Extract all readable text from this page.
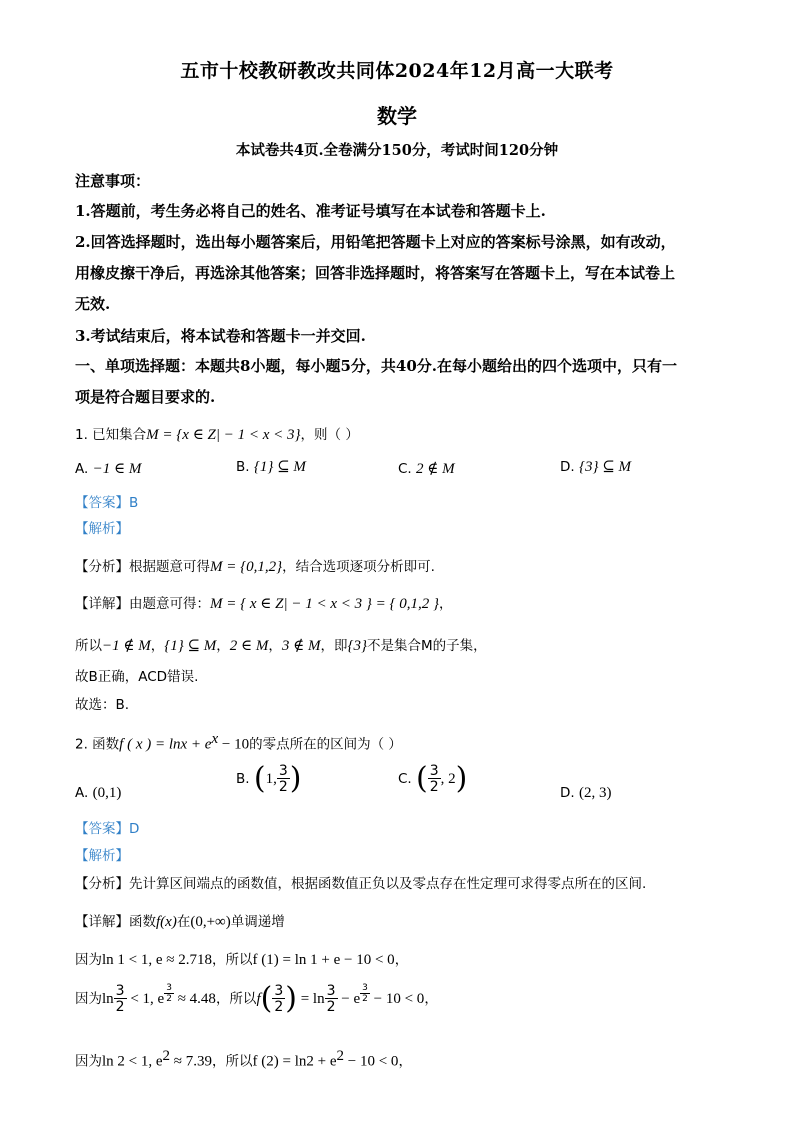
五市十校教研教改共同体2024年12月高一大联考
数学
本试卷共4页.全卷满分150分，考试时间120分钟
注意事项：
1.答题前，考生务必将自己的姓名、准考证号填写在本试卷和答题卡上.
2.回答选择题时，选出每小题答案后，用铅笔把答题卡上对应的答案标号涂黑，如有改动，
用橡皮擦干净后，再选涂其他答案；回答非选择题时，将答案写在答题卡上，写在本试卷上
无效.
3.考试结束后，将本试卷和答题卡一并交回.
一、单项选择题：本题共8小题，每小题5分，共40分.在每小题给出的四个选项中，只有一
项是符合题目要求的.
1. 已知集合M = {x ∈ Z| − 1 < x < 3}，则（ ）
A. −1 ∈ M	B. {1} ⊆ M	C. 2 ∉ M	D. {3} ⊆ M
【答案】B
【解析】
【分析】根据题意可得M = {0,1,2}，结合选项逐项分析即可.
【详解】由题意可得：M = { x ∈ Z| − 1 < x < 3 } = { 0,1,2 }，
所以−1 ∉ M，{1} ⊆ M，2 ∈ M，3 ∉ M，即{3}不是集合M的子集，
故B正确，ACD错误.
故选：B.
2. 函数f ( x ) = $\ln x + e^x - 10$的零点所在的区间为（ ）
A. (0,1)
B. (1, $\frac{3}{2}$ )	C. ( $\frac{3}{2}$ , 2)	D. (2, 3)
【答案】D
【解析】
【分析】先计算区间端点的函数值，根据函数值正负以及零点存在性定理可求得零点所在的区间.
【详解】函数f(x)在(0,+∞)单调递增
因为ln 1 < 1, e ≈ 2.718，所以f (1) = ln 1 + e − 10 < 0，
因为$\ln \frac{3}{2} < 1$, e $^{\frac{3}{2}}$ ≈ 4.48，所以$f( \frac{3}{2}$ ) = $\ln \frac{3}{2} - e$ $^{\frac{3}{2}}$ − 10 < 0，
因为ln 2 < 1, $e^2 \approx 7.39$，所以f $(2) = \ln 2 + e^2 - 10 < 0$，
